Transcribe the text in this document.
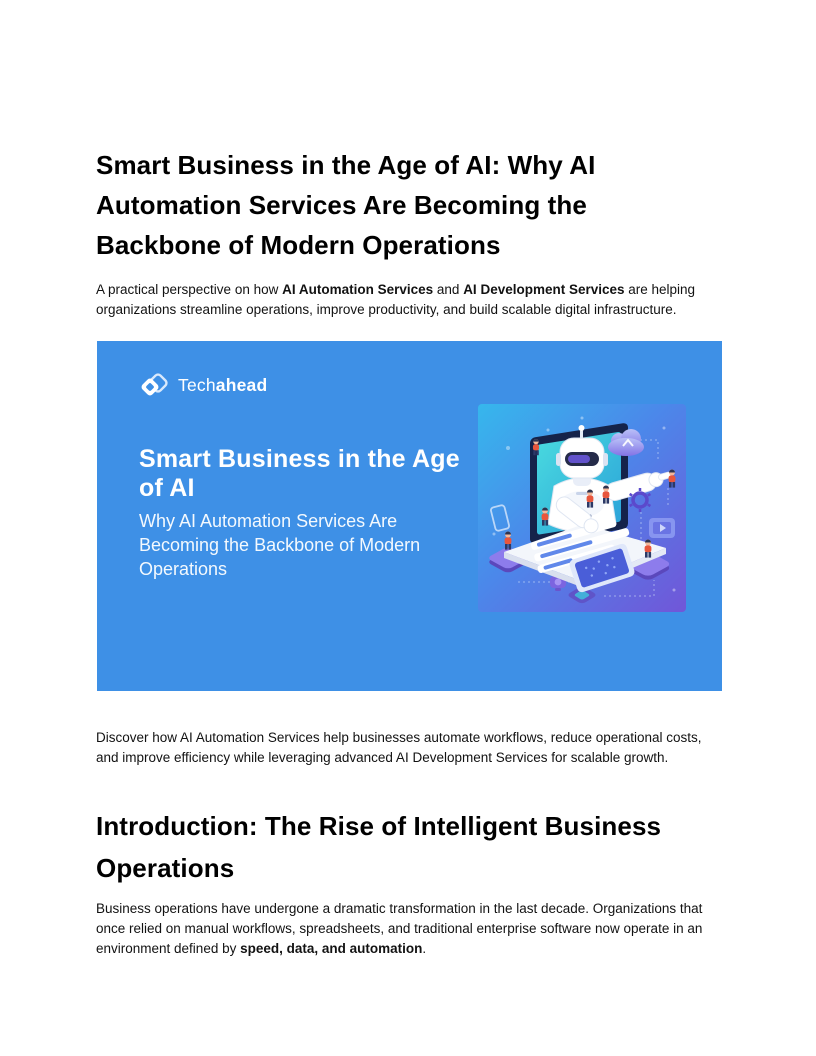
Smart Business in the Age of AI: Why AI Automation Services Are Becoming the Backbone of Modern Operations

A practical perspective on how AI Automation Services and AI Development Services are helping organizations streamline operations, improve productivity, and build scalable digital infrastructure.

Techahead
Smart Business in the Age of AI
Why AI Automation Services Are Becoming the Backbone of Modern Operations

Discover how AI Automation Services help businesses automate workflows, reduce operational costs, and improve efficiency while leveraging advanced AI Development Services for scalable growth.

Introduction: The Rise of Intelligent Business Operations

Business operations have undergone a dramatic transformation in the last decade. Organizations that once relied on manual workflows, spreadsheets, and traditional enterprise software now operate in an environment defined by speed, data, and automation.
